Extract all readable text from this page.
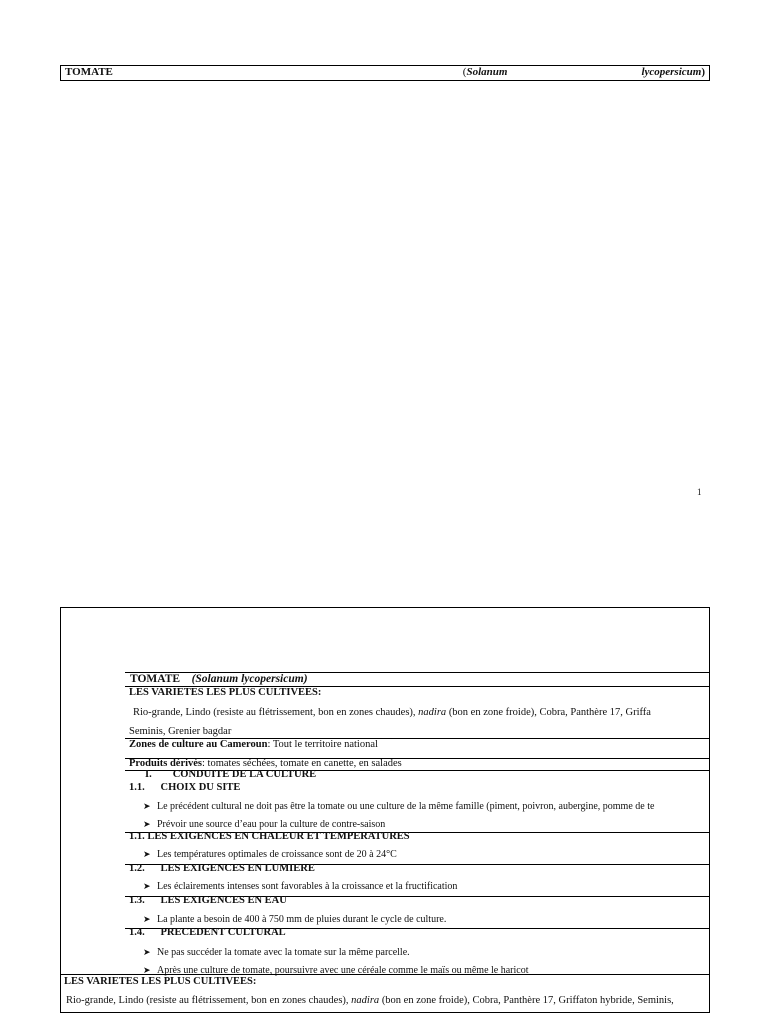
TOMATE	(Solanum	lycopersicum)
1
TOMATE (Solanum lycopersicum)
LES VARIETES LES PLUS CULTIVEES:
Rio-grande, Lindo (resiste au flétrissement, bon en zones chaudes), nadira (bon en zone froide), Cobra, Panthère 17, Griffa
Seminis, Grenier bagdar
Zones de culture au Cameroun: Tout le territoire national
Produits dérivés: tomates séchées, tomate en canette, en salades
I. CONDUITE DE LA CULTURE
1.1. CHOIX DU SITE
➤ Le précédent cultural ne doit pas être la tomate ou une culture de la même famille (piment, poivron, aubergine, pomme de te
➤ Prévoir une source d’eau pour la culture de contre-saison
1.1. LES EXIGENCES EN CHALEUR ET TEMPERATURES
➤ Les températures optimales de croissance sont de 20 à 24°C
1.2. LES EXIGENCES EN LUMIERE
➤ Les éclairements intenses sont favorables à la croissance et la fructification
1.3. LES EXIGENCES EN EAU
➤ La plante a besoin de 400 à 750 mm de pluies durant le cycle de culture.
1.4. PRECEDENT CULTURAL
➤ Ne pas succéder la tomate avec la tomate sur la même parcelle.
➤ Après une culture de tomate, poursuivre avec une céréale comme le maïs ou même le haricot
LES VARIETES LES PLUS CULTIVEES:
Rio-grande, Lindo (resiste au flétrissement, bon en zones chaudes), nadira (bon en zone froide), Cobra, Panthère 17, Griffaton hybride, Seminis,
